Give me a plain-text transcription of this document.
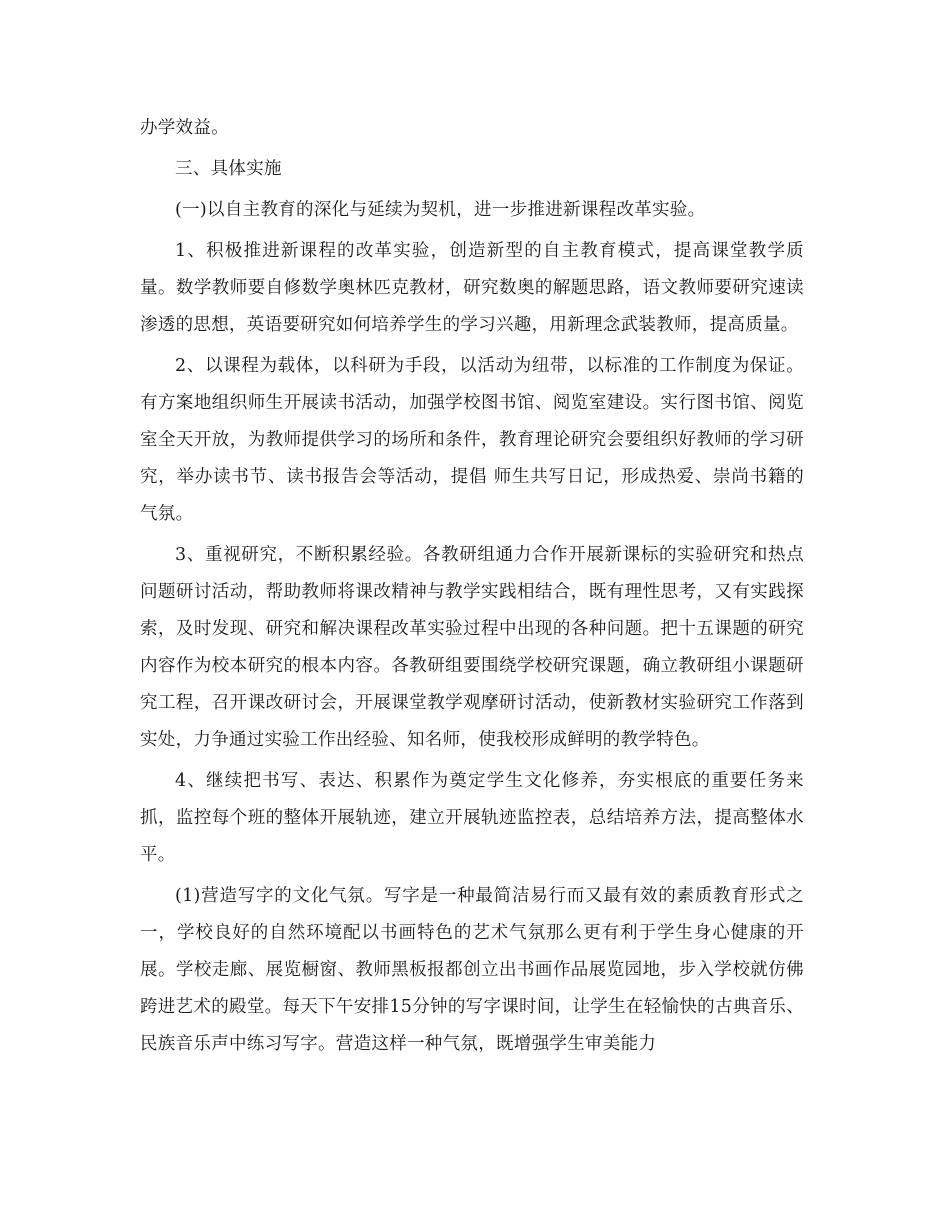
办学效益。

三、具体实施

(一)以自主教育的深化与延续为契机，进一步推进新课程改革实验。

1、积极推进新课程的改革实验，创造新型的自主教育模式，提高课堂教学质量。数学教师要自修数学奥林匹克教材，研究数奥的解题思路，语文教师要研究速读渗透的思想，英语要研究如何培养学生的学习兴趣，用新理念武装教师，提高质量。

2、以课程为载体，以科研为手段，以活动为纽带，以标准的工作制度为保证。有方案地组织师生开展读书活动，加强学校图书馆、阅览室建设。实行图书馆、阅览室全天开放，为教师提供学习的场所和条件，教育理论研究会要组织好教师的学习研究，举办读书节、读书报告会等活动，提倡 师生共写日记，形成热爱、崇尚书籍的气氛。

3、重视研究，不断积累经验。各教研组通力合作开展新课标的实验研究和热点问题研讨活动，帮助教师将课改精神与教学实践相结合，既有理性思考，又有实践探索，及时发现、研究和解决课程改革实验过程中出现的各种问题。把十五课题的研究内容作为校本研究的根本内容。各教研组要围绕学校研究课题，确立教研组小课题研究工程，召开课改研讨会，开展课堂教学观摩研讨活动，使新教材实验研究工作落到实处，力争通过实验工作出经验、知名师，使我校形成鲜明的教学特色。

4、继续把书写、表达、积累作为奠定学生文化修养，夯实根底的重要任务来抓，监控每个班的整体开展轨迹，建立开展轨迹监控表，总结培养方法，提高整体水平。

(1)营造写字的文化气氛。写字是一种最简洁易行而又最有效的素质教育形式之一，学校良好的自然环境配以书画特色的艺术气氛那么更有利于学生身心健康的开展。学校走廊、展览橱窗、教师黑板报都创立出书画作品展览园地，步入学校就仿佛跨进艺术的殿堂。每天下午安排15分钟的写字课时间，让学生在轻愉快的古典音乐、民族音乐声中练习写字。营造这样一种气氛，既增强学生审美能力
